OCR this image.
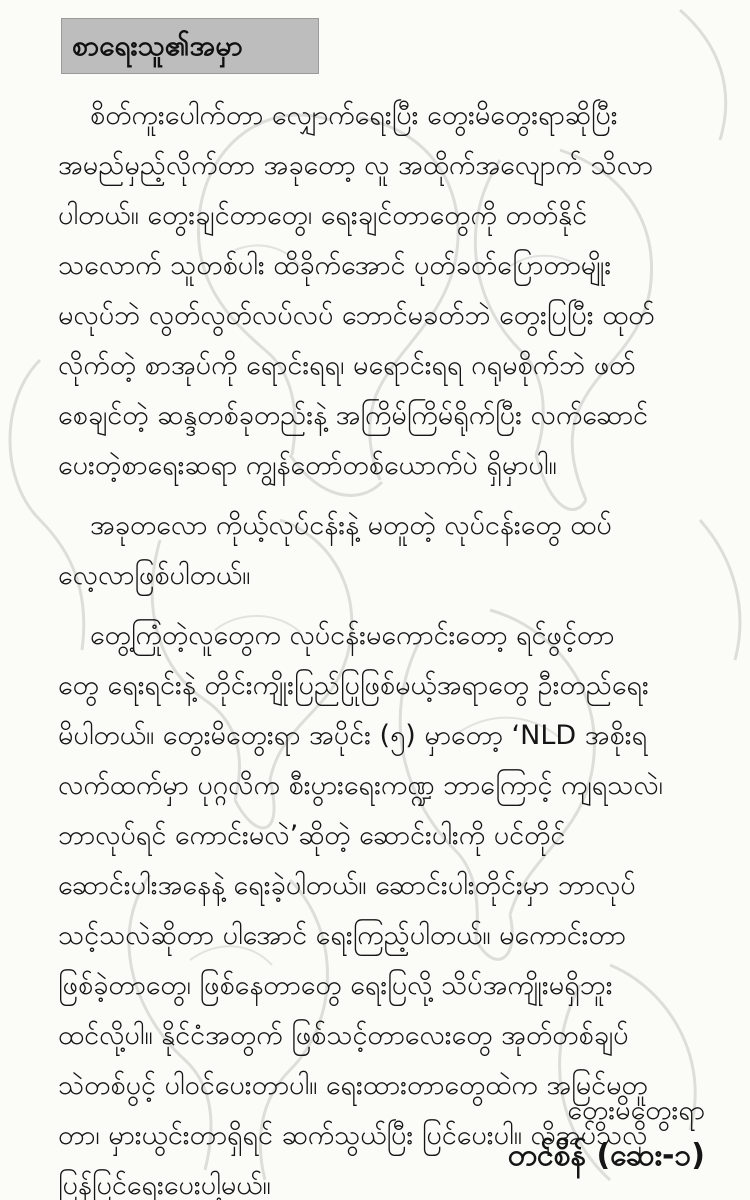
စာရေးသူ၏အမှာ
စိတ်ကူးပေါက်တာ လျှောက်ရေးပြီး တွေးမိတွေးရာဆိုပြီး
အမည်မှည့်လိုက်တာ အခုတော့ လူ အထိုက်အလျောက် သိလာ
ပါတယ်။ တွေးချင်တာတွေ၊ ရေးချင်တာတွေကို တတ်နိုင်
သလောက် သူတစ်ပါး ထိခိုက်အောင် ပုတ်ခတ်ပြောတာမျိုး
မလုပ်ဘဲ လွတ်လွတ်လပ်လပ် ဘောင်မခတ်ဘဲ တွေးပြပြီး ထုတ်
လိုက်တဲ့ စာအုပ်ကို ရောင်းရရ၊ မရောင်းရရ ဂရုမစိုက်ဘဲ ဖတ်
စေချင်တဲ့ ဆန္ဒတစ်ခုတည်းနဲ့ အကြိမ်ကြိမ်ရိုက်ပြီး လက်ဆောင်
ပေးတဲ့စာရေးဆရာ ကျွန်တော်တစ်ယောက်ပဲ ရှိမှာပါ။
အခုတလော ကိုယ့်လုပ်ငန်းနဲ့ မတူတဲ့ လုပ်ငန်းတွေ ထပ်
လေ့လာဖြစ်ပါတယ်။
တွေ့ကြုံတဲ့လူတွေက လုပ်ငန်းမကောင်းတော့ ရင်ဖွင့်တာ
တွေ ရေးရင်းနဲ့ တိုင်းကျိုးပြည်ပြုဖြစ်မယ့်အရာတွေ ဦးတည်ရေး
မိပါတယ်။ တွေးမိတွေးရာ အပိုင်း (၅) မှာတော့ ‘NLD အစိုးရ
လက်ထက်မှာ ပုဂ္ဂလိက စီးပွားရေးကဏ္ဍ ဘာကြောင့် ကျရသလဲ၊
ဘာလုပ်ရင် ကောင်းမလဲ’ဆိုတဲ့ ဆောင်းပါးကို ပင်တိုင်
ဆောင်းပါးအနေနဲ့ ရေးခဲ့ပါတယ်။ ဆောင်းပါးတိုင်းမှာ ဘာလုပ်
သင့်သလဲဆိုတာ ပါအောင် ရေးကြည့်ပါတယ်။ မကောင်းတာ
ဖြစ်ခဲ့တာတွေ၊ ဖြစ်နေတာတွေ ရေးပြလို့ သိပ်အကျိုးမရှိဘူး
ထင်လို့ပါ။ နိုင်ငံအတွက် ဖြစ်သင့်တာလေးတွေ အုတ်တစ်ချပ်
သဲတစ်ပွင့် ပါဝင်ပေးတာပါ။ ရေးထားတာတွေထဲက အမြင်မတူ
တာ၊ မှားယွင်းတာရှိရင် ဆက်သွယ်ပြီး ပြင်ပေးပါ။ လိုအပ်သလို
ပြန်ပြင်ရေးပေးပါ့မယ်။
တွေးမိတွေးရာ
တင်စိန် (ဆေး-၁)
